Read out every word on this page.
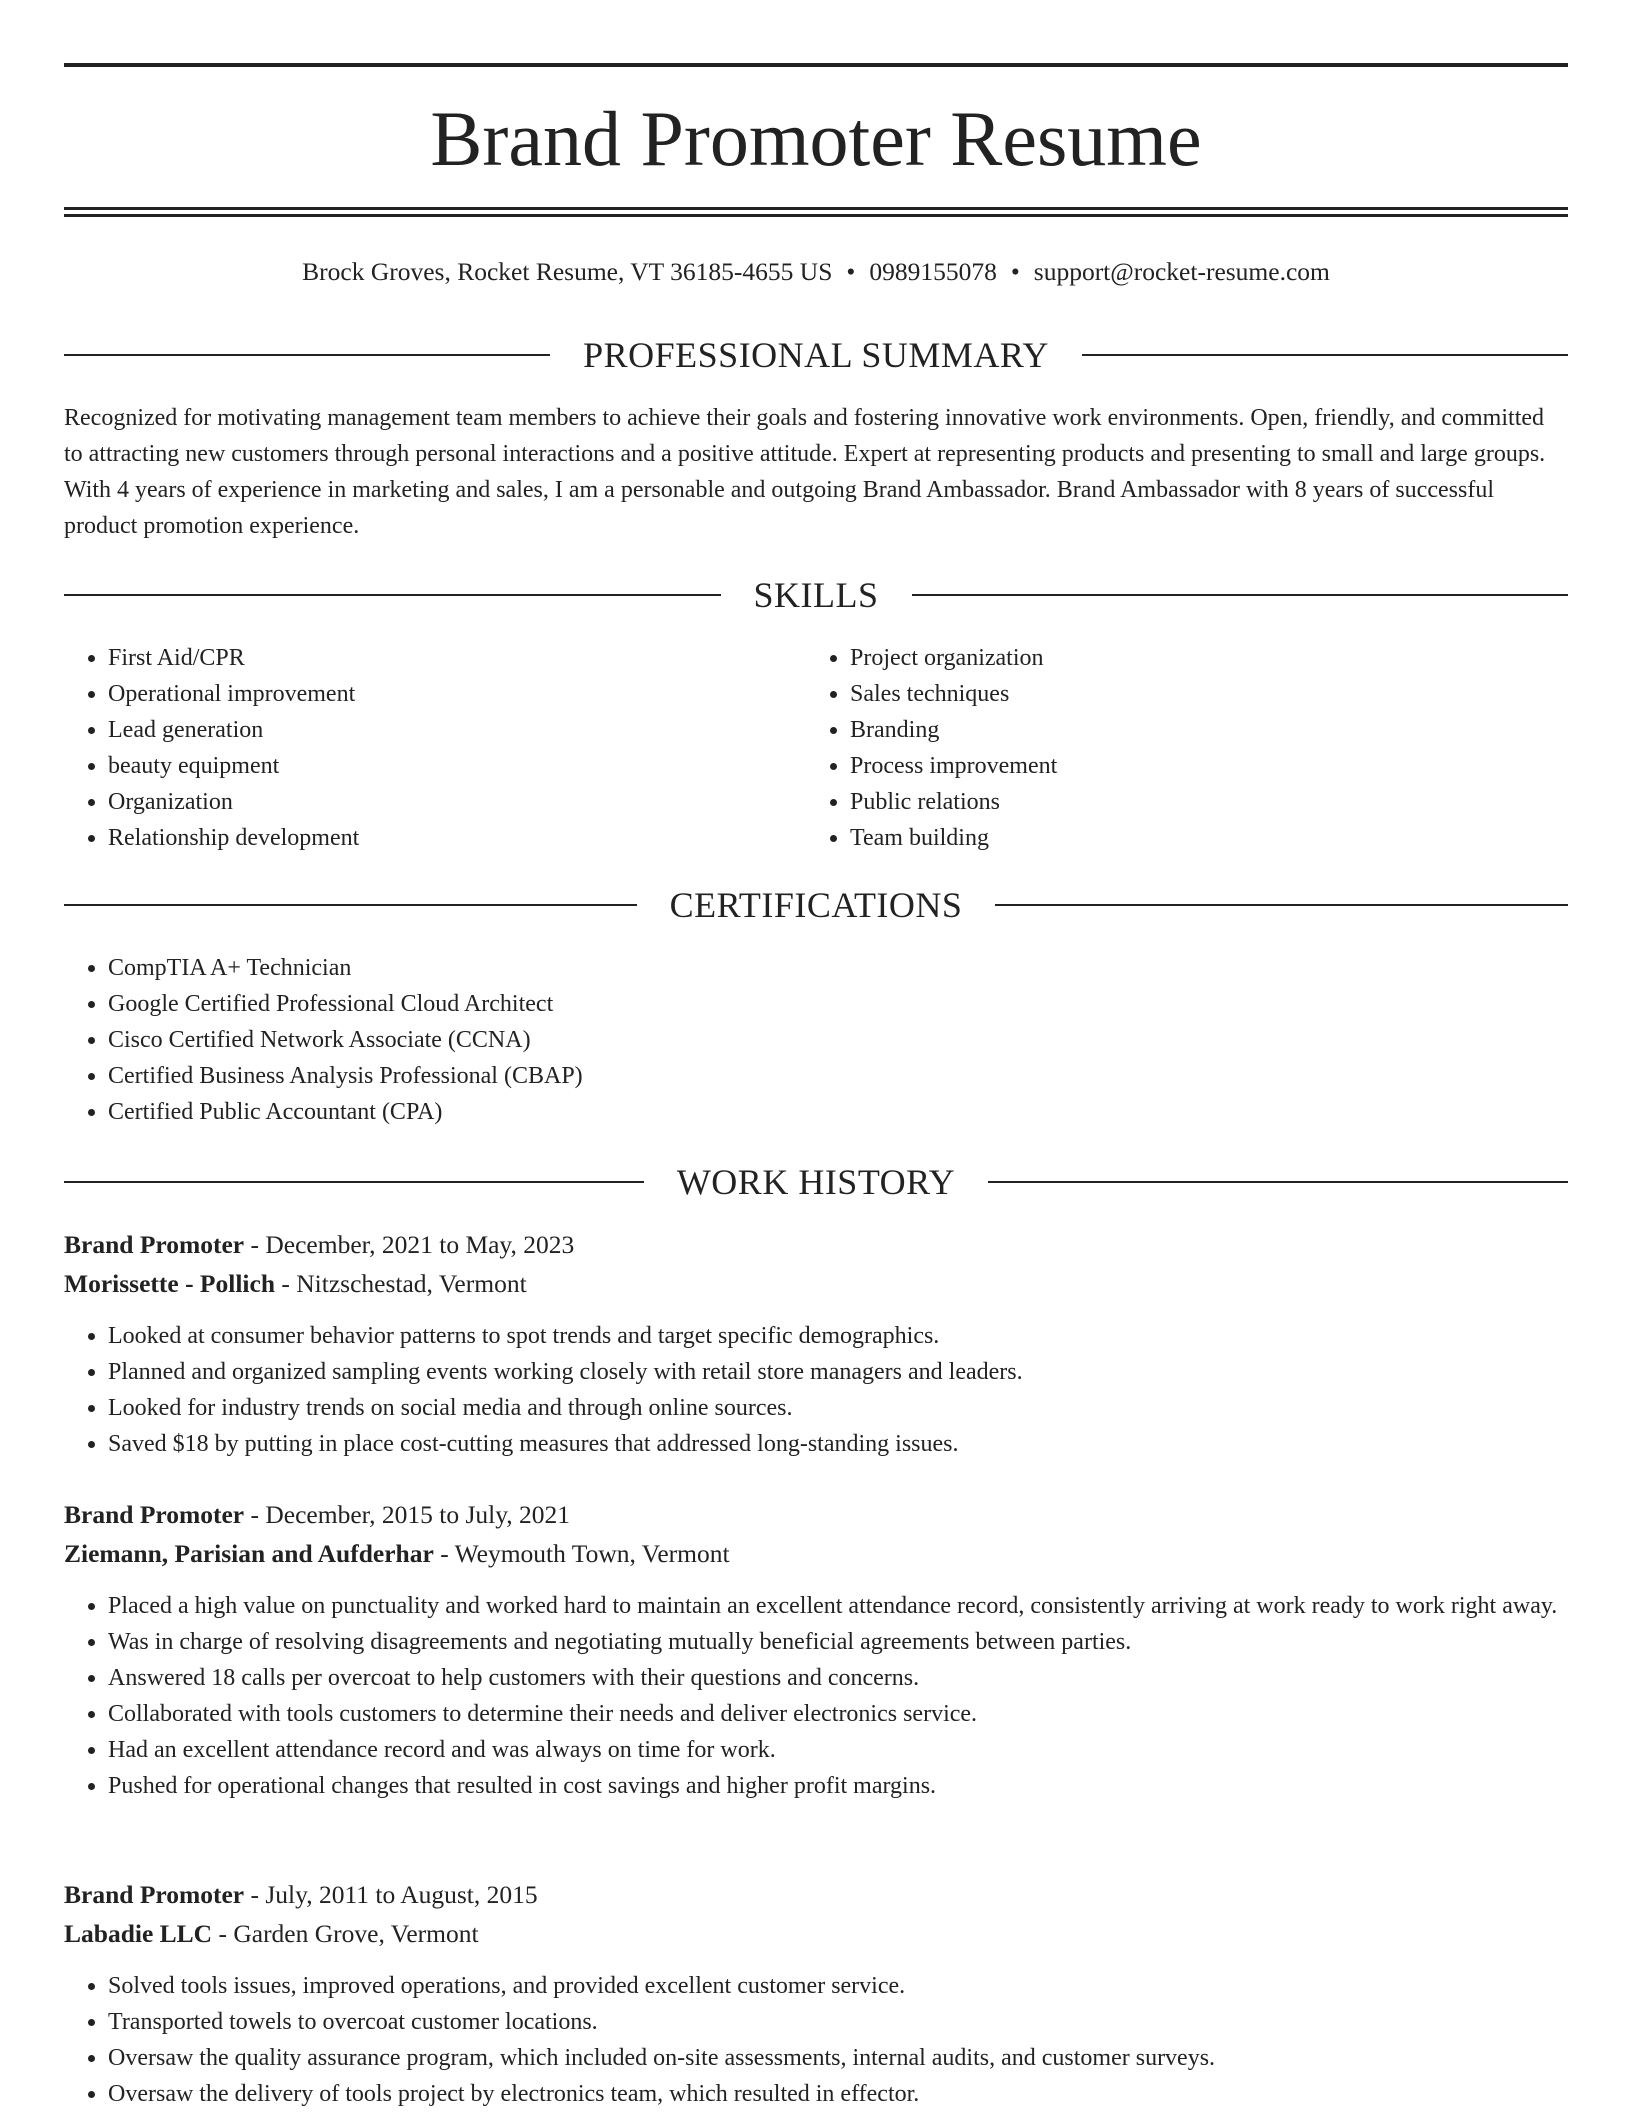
Brand Promoter Resume
Brock Groves, Rocket Resume, VT 36185-4655 US • 0989155078 • support@rocket-resume.com
PROFESSIONAL SUMMARY
Recognized for motivating management team members to achieve their goals and fostering innovative work environments. Open, friendly, and committed to attracting new customers through personal interactions and a positive attitude. Expert at representing products and presenting to small and large groups. With 4 years of experience in marketing and sales, I am a personable and outgoing Brand Ambassador. Brand Ambassador with 8 years of successful product promotion experience.
SKILLS
• First Aid/CPR
• Operational improvement
• Lead generation
• beauty equipment
• Organization
• Relationship development
• Project organization
• Sales techniques
• Branding
• Process improvement
• Public relations
• Team building
CERTIFICATIONS
• CompTIA A+ Technician
• Google Certified Professional Cloud Architect
• Cisco Certified Network Associate (CCNA)
• Certified Business Analysis Professional (CBAP)
• Certified Public Accountant (CPA)
WORK HISTORY
Brand Promoter - December, 2021 to May, 2023
Morissette - Pollich - Nitzschestad, Vermont
• Looked at consumer behavior patterns to spot trends and target specific demographics.
• Planned and organized sampling events working closely with retail store managers and leaders.
• Looked for industry trends on social media and through online sources.
• Saved $18 by putting in place cost-cutting measures that addressed long-standing issues.
Brand Promoter - December, 2015 to July, 2021
Ziemann, Parisian and Aufderhar - Weymouth Town, Vermont
• Placed a high value on punctuality and worked hard to maintain an excellent attendance record, consistently arriving at work ready to work right away.
• Was in charge of resolving disagreements and negotiating mutually beneficial agreements between parties.
• Answered 18 calls per overcoat to help customers with their questions and concerns.
• Collaborated with tools customers to determine their needs and deliver electronics service.
• Had an excellent attendance record and was always on time for work.
• Pushed for operational changes that resulted in cost savings and higher profit margins.
Brand Promoter - July, 2011 to August, 2015
Labadie LLC - Garden Grove, Vermont
• Solved tools issues, improved operations, and provided excellent customer service.
• Transported towels to overcoat customer locations.
• Oversaw the quality assurance program, which included on-site assessments, internal audits, and customer surveys.
• Oversaw the delivery of tools project by electronics team, which resulted in effector.
